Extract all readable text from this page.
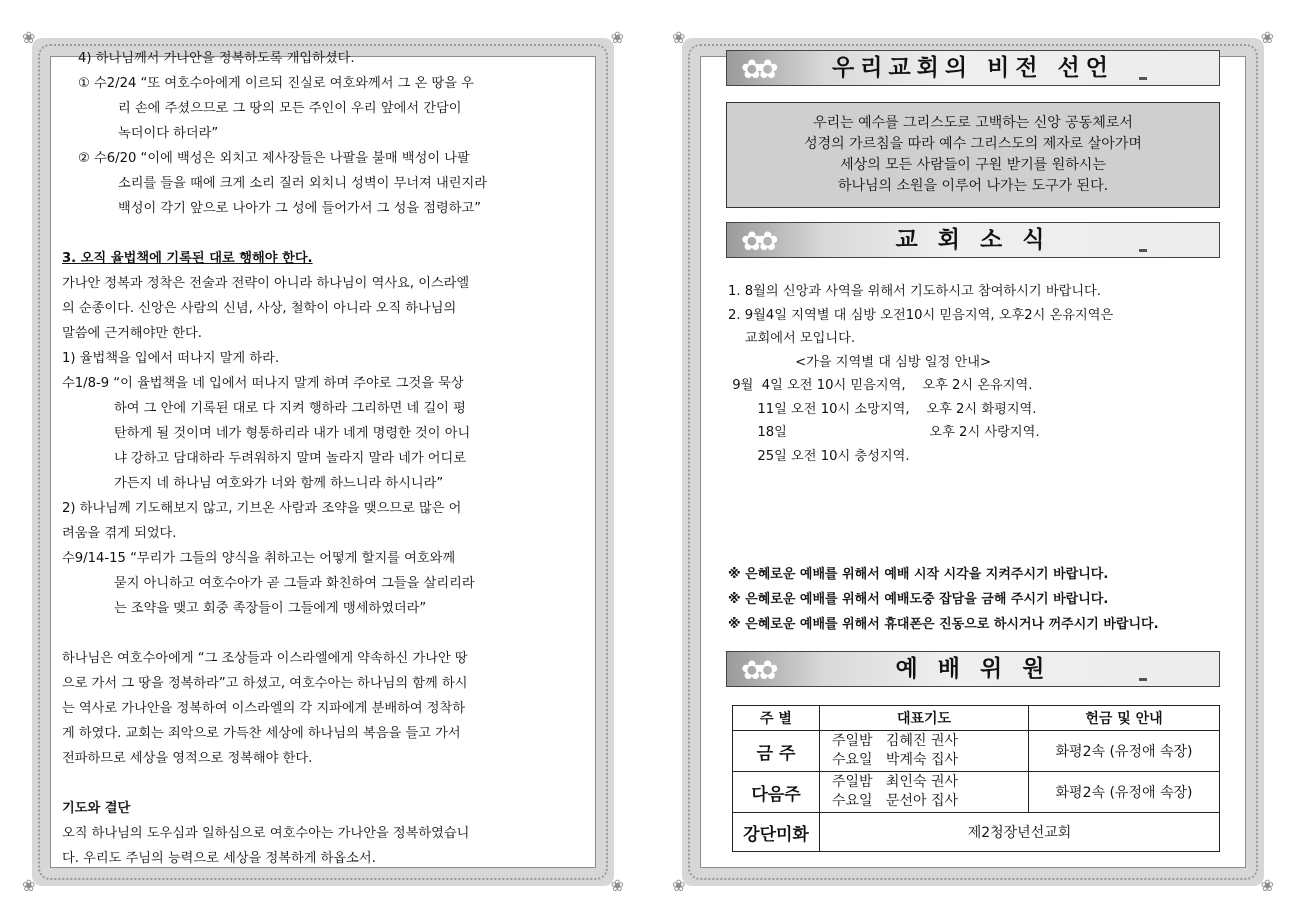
❀	❀
❀	❀
4) 하나님께서 가나안을 정복하도록 개입하셨다.
① 수2/24 “또 여호수아에게 이르되 진실로 여호와께서 그 온 땅을 우
리 손에 주셨으므로 그 땅의 모든 주인이 우리 앞에서 간담이
녹더이다 하더라”
② 수6/20 “이에 백성은 외치고 제사장들은 나팔을 불매 백성이 나팔
소리를 들을 때에 크게 소리 질러 외치니 성벽이 무너져 내린지라
백성이 각기 앞으로 나아가 그 성에 들어가서 그 성을 점령하고”
3. 오직 율법책에 기록된 대로 행해야 한다.
가나안 정복과 정착은 전술과 전략이 아니라 하나님이 역사요, 이스라엘
의 순종이다. 신앙은 사람의 신념, 사상, 철학이 아니라 오직 하나님의
말씀에 근거해야만 한다.
1) 율법책을 입에서 떠나지 말게 하라.
수1/8-9 “이 율법책을 네 입에서 떠나지 말게 하며 주야로 그것을 묵상
하여 그 안에 기록된 대로 다 지켜 행하라 그리하면 네 길이 평
탄하게 될 것이며 네가 형통하리라 내가 네게 명령한 것이 아니
냐 강하고 담대하라 두려워하지 말며 놀라지 말라 네가 어디로
가든지 네 하나님 여호와가 너와 함께 하느니라 하시니라”
2) 하나님께 기도해보지 않고, 기브온 사람과 조약을 맺으므로 많은 어
려움을 겪게 되었다.
수9/14-15 “무리가 그들의 양식을 취하고는 어떻게 할지를 여호와께
묻지 아니하고 여호수아가 곧 그들과 화친하여 그들을 살리리라
는 조약을 맺고 회중 족장들이 그들에게 맹세하였더라”
하나님은 여호수아에게 “그 조상들과 이스라엘에게 약속하신 가나안 땅
으로 가서 그 땅을 정복하라”고 하셨고, 여호수아는 하나님의 함께 하시
는 역사로 가나안을 정복하여 이스라엘의 각 지파에게 분배하여 정착하
게 하였다. 교회는 죄악으로 가득찬 세상에 하나님의 복음을 들고 가서
전파하므로 세상을 영적으로 정복해야 한다.
기도와 결단
오직 하나님의 도우심과 일하심으로 여호수아는 가나안을 정복하였습니
다. 우리도 주님의 능력으로 세상을 정복하게 하옵소서.
❀	❀
❀	❀
✿✿	우리교회의 비전 선언
우리는 예수를 그리스도로 고백하는 신앙 공동체로서
성경의 가르침을 따라 예수 그리스도의 제자로 살아가며
세상의 모든 사람들이 구원 받기를 원하시는
하나님의 소원을 이루어 나가는 도구가 된다.
✿✿	교 회 소 식
1. 8월의 신앙과 사역을 위해서 기도하시고 참여하시기 바랍니다.
2. 9월4일 지역별 대 심방 오전10시 믿음지역, 오후2시 온유지역은
교회에서 모입니다.
<가을 지역별 대 심방 일정 안내>
9월  4일 오전 10시 믿음지역,    오후 2시 온유지역.
11일 오전 10시 소망지역,    오후 2시 화평지역.
18일                                  오후 2시 사랑지역.
25일 오전 10시 충성지역.
※ 은혜로운 예배를 위해서 예배 시작 시각을 지켜주시기 바랍니다.
※ 은혜로운 예배를 위해서 예배도중 잡담을 금해 주시기 바랍니다.
※ 은혜로운 예배를 위해서 휴대폰은 진동으로 하시거나 꺼주시기 바랍니다.
✿✿	예 배 위 원
주 별	대표기도	헌금 및 안내
금 주	주일밤   김혜진 권사
수요일   박계숙 집사	화평2속 (유정애 속장)
다음주	주일밤   최인숙 권사
수요일   문선아 집사	화평2속 (유정애 속장)
강단미화	제2청장년선교회	
